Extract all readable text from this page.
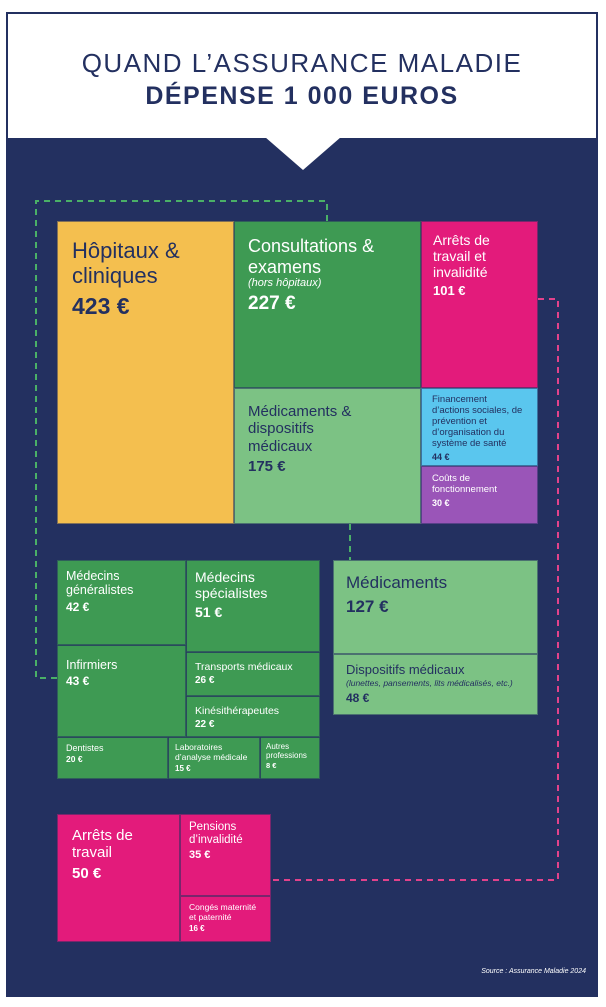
QUAND L’ASSURANCE MALADIE
DÉPENSE 1 000 EUROS
Hôpitaux & cliniques
423 €
Consultations & examens
(hors hôpitaux)
227 €
Médicaments & dispositifs médicaux
175 €
Arrêts de travail et invalidité
101 €
Financement d’actions sociales, de prévention et d’organisation du système de santé
44 €
Coûts de fonctionnement
30 €
Médecins généralistes
42 €
Médecins spécialistes
51 €
Infirmiers
43 €
Transports médicaux
26 €
Kinésithérapeutes
22 €
Dentistes
20 €
Laboratoires d’analyse médicale
15 €
Autres professions
8 €
Médicaments
127 €
Dispositifs médicaux
(lunettes, pansements, lits médicalisés, etc.)
48 €
Arrêts de travail
50 €
Pensions d’invalidité
35 €
Congés maternité et paternité
16 €
Source : Assurance Maladie 2024
